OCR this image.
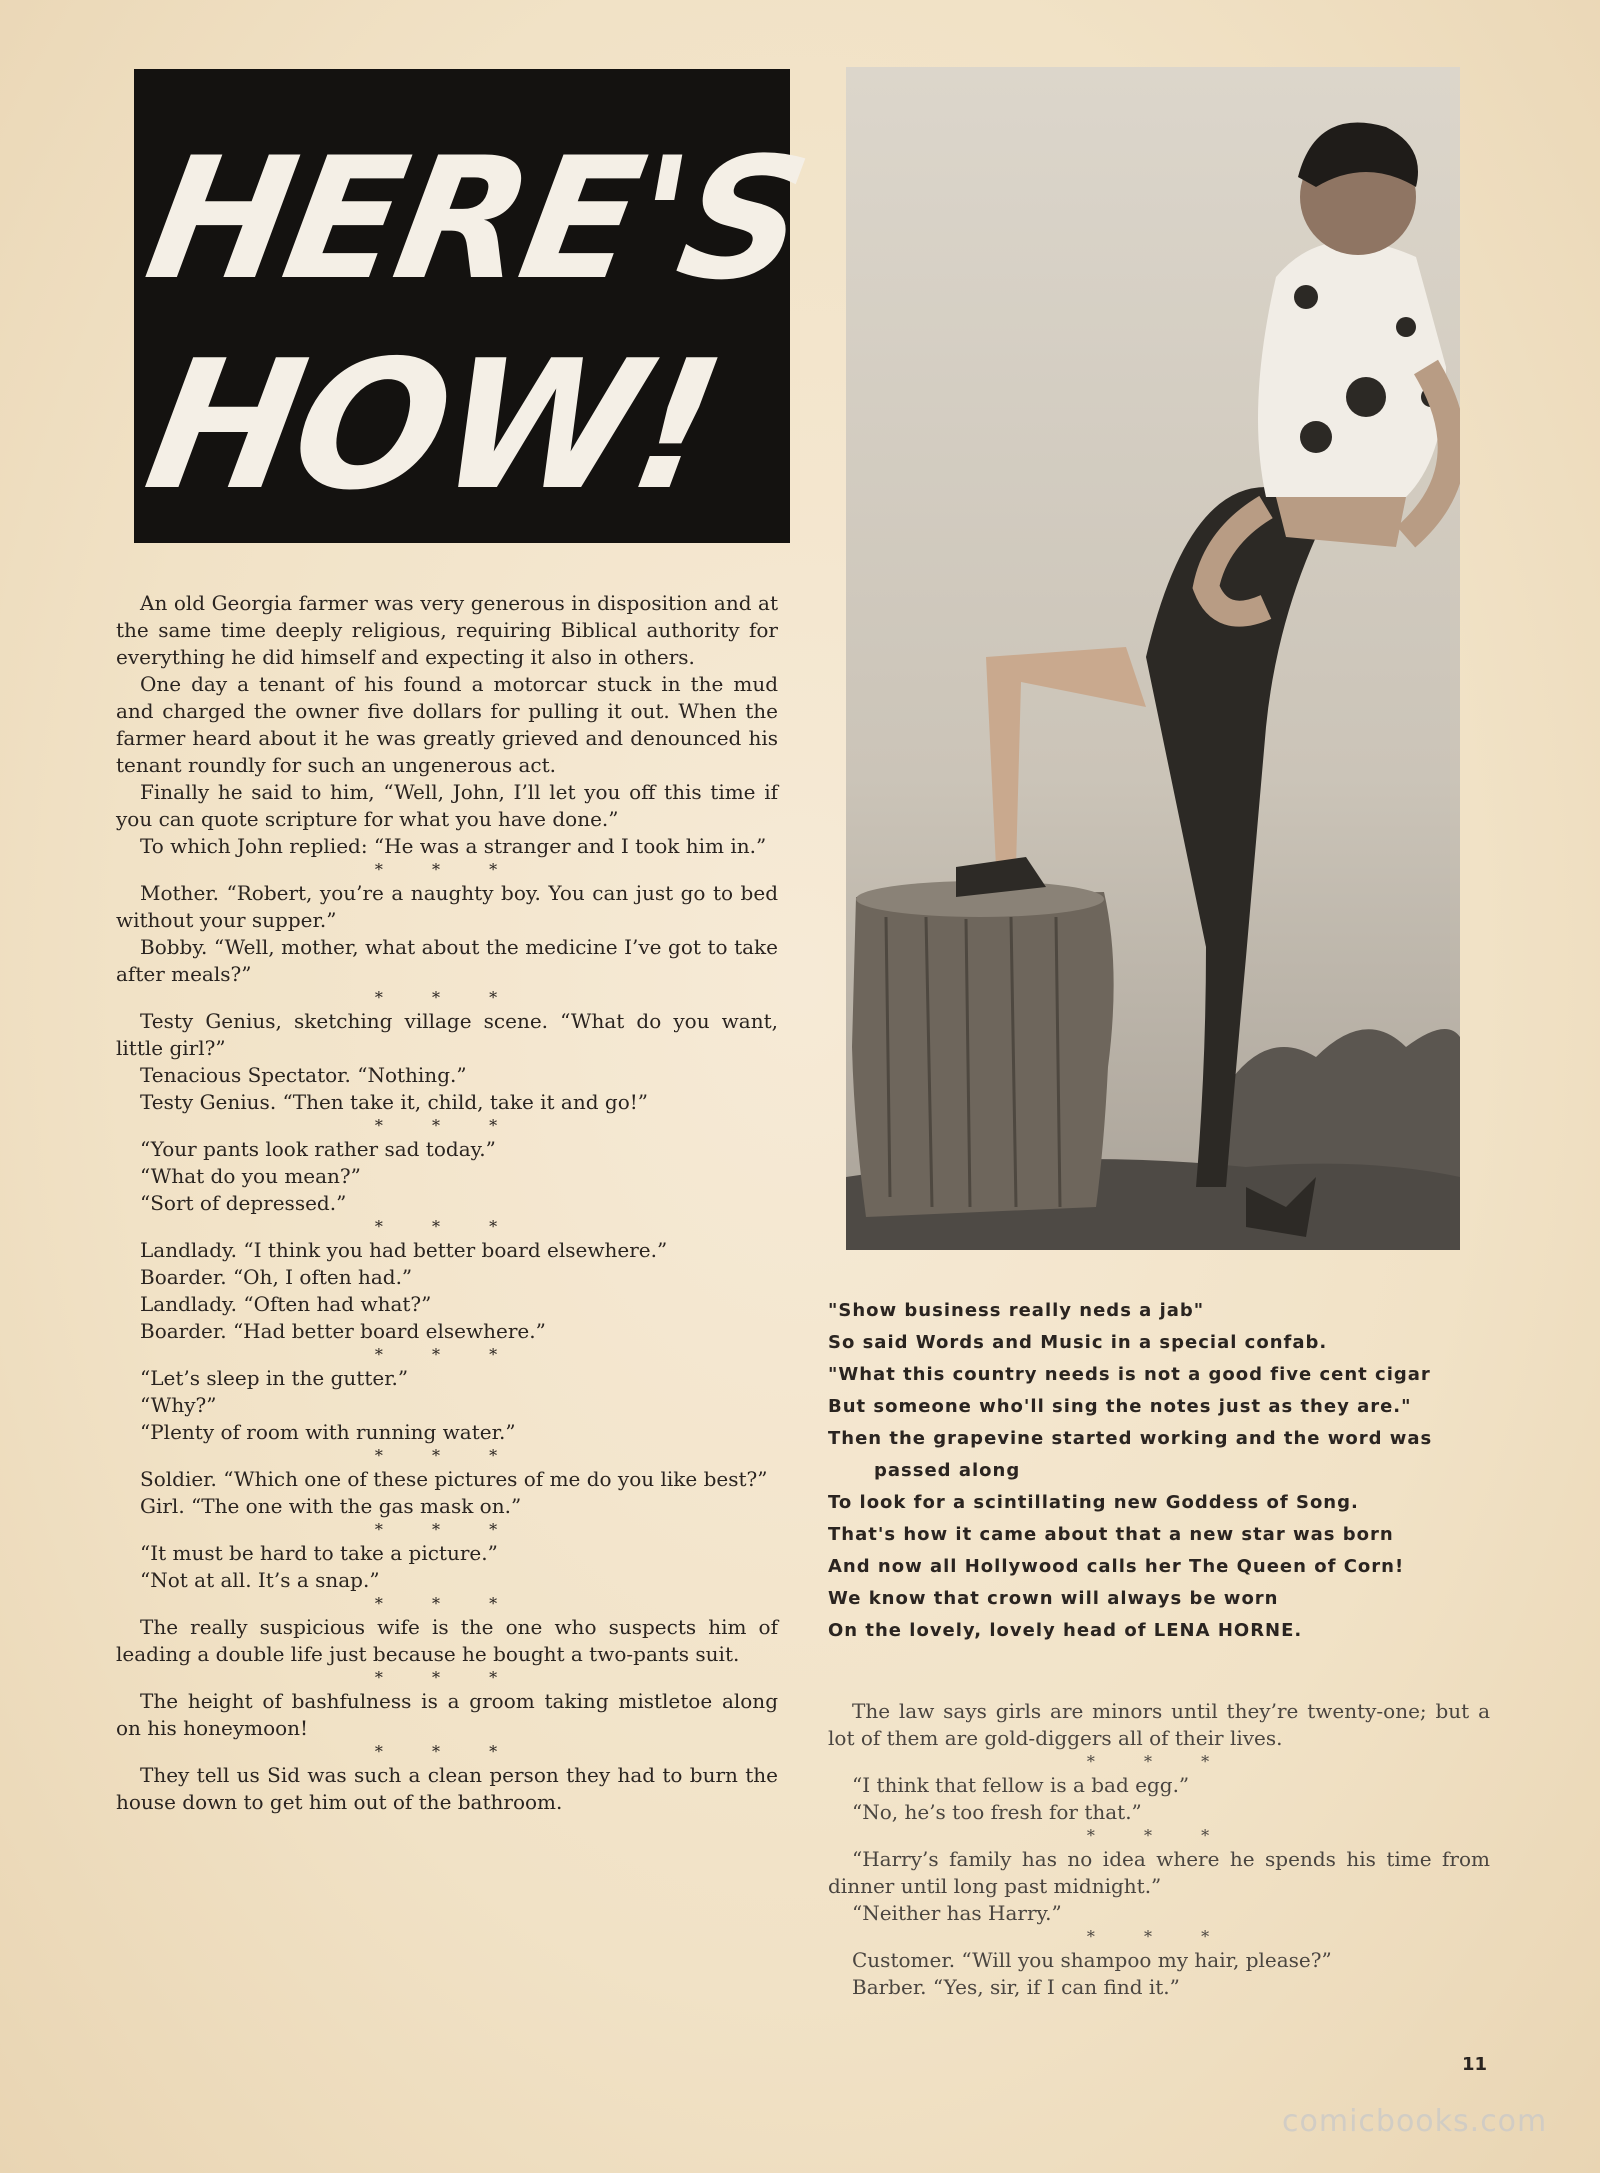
HERE'S
HOW!

An old Georgia farmer was very generous in disposition and at the same time deeply religious, requiring Biblical authority for everything he did himself and expecting it also in others.

One day a tenant of his found a motorcar stuck in the mud and charged the owner five dollars for pulling it out. When the farmer heard about it he was greatly grieved and denounced his tenant roundly for such an ungenerous act.

Finally he said to him, “Well, John, I’ll let you off this time if you can quote scripture for what you have done.”

To which John replied: “He was a stranger and I took him in.”

* * *

Mother. “Robert, you’re a naughty boy. You can just go to bed without your supper.”

Bobby. “Well, mother, what about the medicine I’ve got to take after meals?”

* * *

Testy Genius, sketching village scene. “What do you want, little girl?”

Tenacious Spectator. “Nothing.”

Testy Genius. “Then take it, child, take it and go!”

* * *

“Your pants look rather sad today.”

“What do you mean?”

“Sort of depressed.”

* * *

Landlady. “I think you had better board elsewhere.”

Boarder. “Oh, I often had.”

Landlady. “Often had what?”

Boarder. “Had better board elsewhere.”

* * *

“Let’s sleep in the gutter.”

“Why?”

“Plenty of room with running water.”

* * *

Soldier. “Which one of these pictures of me do you like best?”

Girl. “The one with the gas mask on.”

* * *

“It must be hard to take a picture.”

“Not at all. It’s a snap.”

* * *

The really suspicious wife is the one who suspects him of leading a double life just because he bought a two-pants suit.

* * *

The height of bashfulness is a groom taking mistletoe along on his honeymoon!

* * *

They tell us Sid was such a clean person they had to burn the house down to get him out of the bathroom.

"Show business really neds a jab"

So said Words and Music in a special confab.

"What this country needs is not a good five cent cigar

But someone who'll sing the notes just as they are."

Then the grapevine started working and the word was

passed along

To look for a scintillating new Goddess of Song.

That's how it came about that a new star was born

And now all Hollywood calls her The Queen of Corn!

We know that crown will always be worn

On the lovely, lovely head of LENA HORNE.

The law says girls are minors until they’re twenty-one; but a lot of them are gold-diggers all of their lives.

* * *

“I think that fellow is a bad egg.”

“No, he’s too fresh for that.”

* * *

“Harry’s family has no idea where he spends his time from dinner until long past midnight.”

“Neither has Harry.”

* * *

Customer. “Will you shampoo my hair, please?”

Barber. “Yes, sir, if I can find it.”

11
comicbooks.com
